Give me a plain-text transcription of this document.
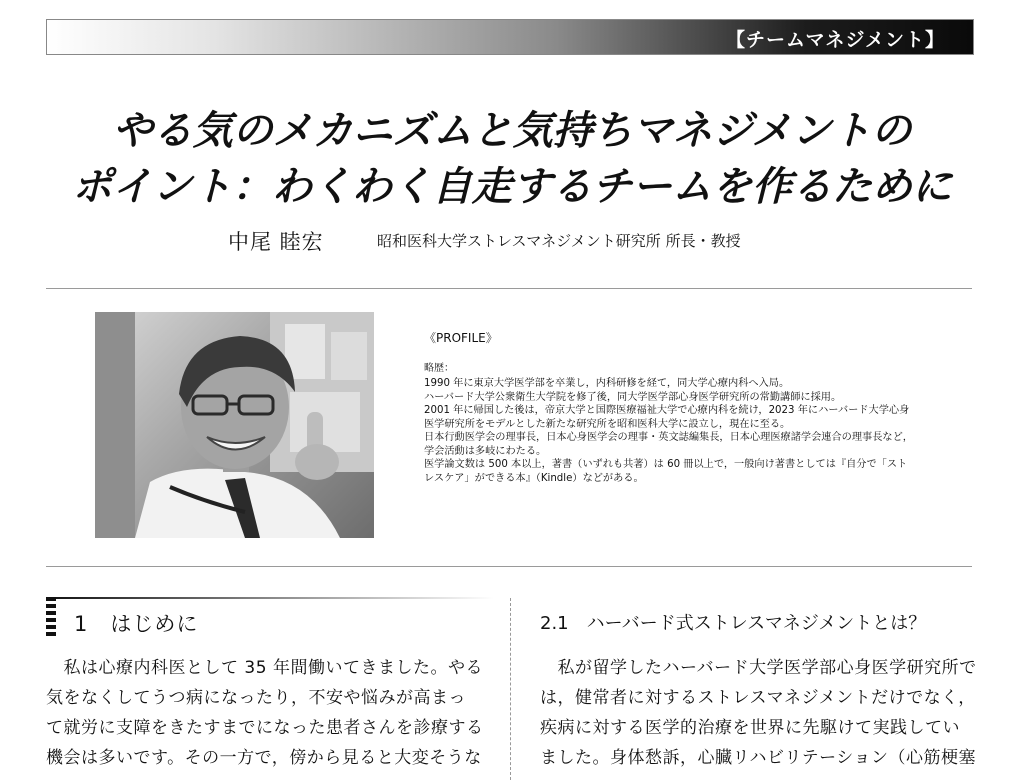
【チームマネジメント】
やる気のメカニズムと気持ちマネジメントの
ポイント：わくわく自走するチームを作るために
中尾 睦宏	昭和医科大学ストレスマネジメント研究所 所長・教授
《PROFILE》
略歴：
1990 年に東京大学医学部を卒業し，内科研修を経て，同大学心療内科へ入局。
ハーバード大学公衆衛生大学院を修了後，同大学医学部心身医学研究所の常勤講師に採用。
2001 年に帰国した後は，帝京大学と国際医療福祉大学で心療内科を続け，2023 年にハーバード大学心身
医学研究所をモデルとした新たな研究所を昭和医科大学に設立し，現在に至る。
日本行動医学会の理事長，日本心身医学会の理事・英文誌編集長，日本心理医療諸学会連合の理事長など，
学会活動は多岐にわたる。
医学論文数は 500 本以上，著書（いずれも共著）は 60 冊以上で，一般向け著書としては『自分で「スト
レスケア」ができる本』（Kindle）などがある。
1　はじめに
　私は心療内科医として 35 年間働いてきました。やる
気をなくしてうつ病になったり，不安や悩みが高まっ
て就労に支障をきたすまでになった患者さんを診療する
機会は多いです。その一方で，傍から見ると大変そうな
2.1　ハーバード式ストレスマネジメントとは？
　私が留学したハーバード大学医学部心身医学研究所で
は，健常者に対するストレスマネジメントだけでなく，
疾病に対する医学的治療を世界に先駆けて実践してい
ました。身体愁訴，心臓リハビリテーション（心筋梗塞
